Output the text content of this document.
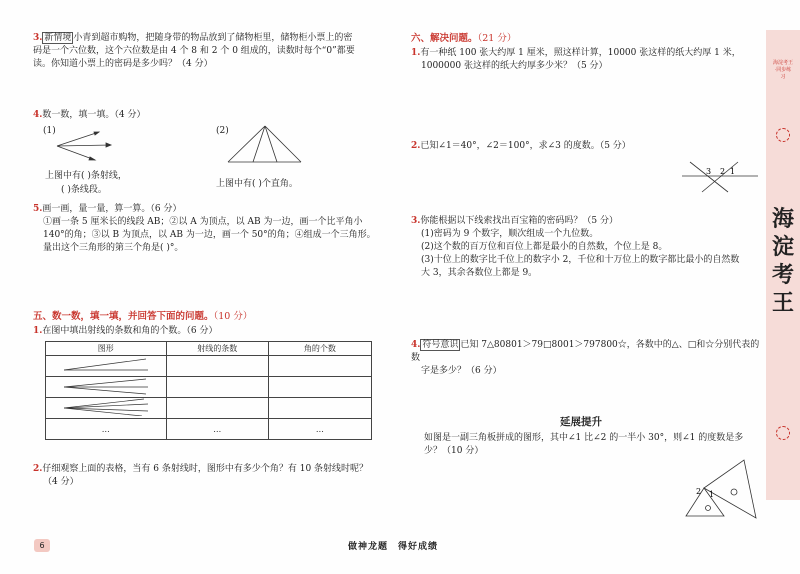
3. 新情境 小青到超市购物，把随身带的物品放到了储物柜里，储物柜小票上的密
码是一个六位数，这个六位数是由 4 个 8 和 2 个 0 组成的，读数时每个“0”都要
读。你知道小票上的密码是多少吗？（4 分）
4.数一数，填一填。（4 分）
(1)	(2)
上图中有( )条射线，
( )条线段。
上图中有( )个直角。
5.画一画，量一量，算一算。（6 分）
①画一条 5 厘米长的线段 AB；②以 A 为顶点，以 AB 为一边，画一个比平角小
140°的角；③以 B 为顶点，以 AB 为一边，画一个 50°的角；④组成一个三角形。
量出这个三角形的第三个角是( )°。
五、数一数，填一填，并回答下面的问题。（10 分）
1.在图中填出射线的条数和角的个数。（6 分）
图形	射线的条数	角的个数

…	…	…
2.仔细观察上面的表格，当有 6 条射线时，图形中有多少个角？有 10 条射线时呢？
（4 分）
六、解决问题。（21 分）
1.有一种纸 100 张大约厚 1 厘米，照这样计算，10000 张这样的纸大约厚 1 米，
1000000 张这样的纸大约厚多少米？（5 分）
2.已知∠1＝40°，∠2＝100°，求∠3 的度数。（5 分）
3 2 1
3.你能根据以下线索找出百宝箱的密码吗？（5 分）
(1)密码为 9 个数字，顺次组成一个九位数。
(2)这个数的百万位和百位上都是最小的自然数，个位上是 8。
(3)十位上的数字比千位上的数字小 2，千位和十万位上的数字都比最小的自然数
大 3，其余各数位上都是 9。
4. 符号意识 已知 7△80801＞79□8001＞797800☆，各数中的△、□和☆分别代表的数
字是多少？（6 分）
延展提升
如图是一副三角板拼成的图形，其中∠1 比∠2 的一半小 30°，则∠1 的度数是多
少？（10 分）
2 1
海淀考王·同步练习
海
淀
考
王
6	做神龙题　得好成绩
